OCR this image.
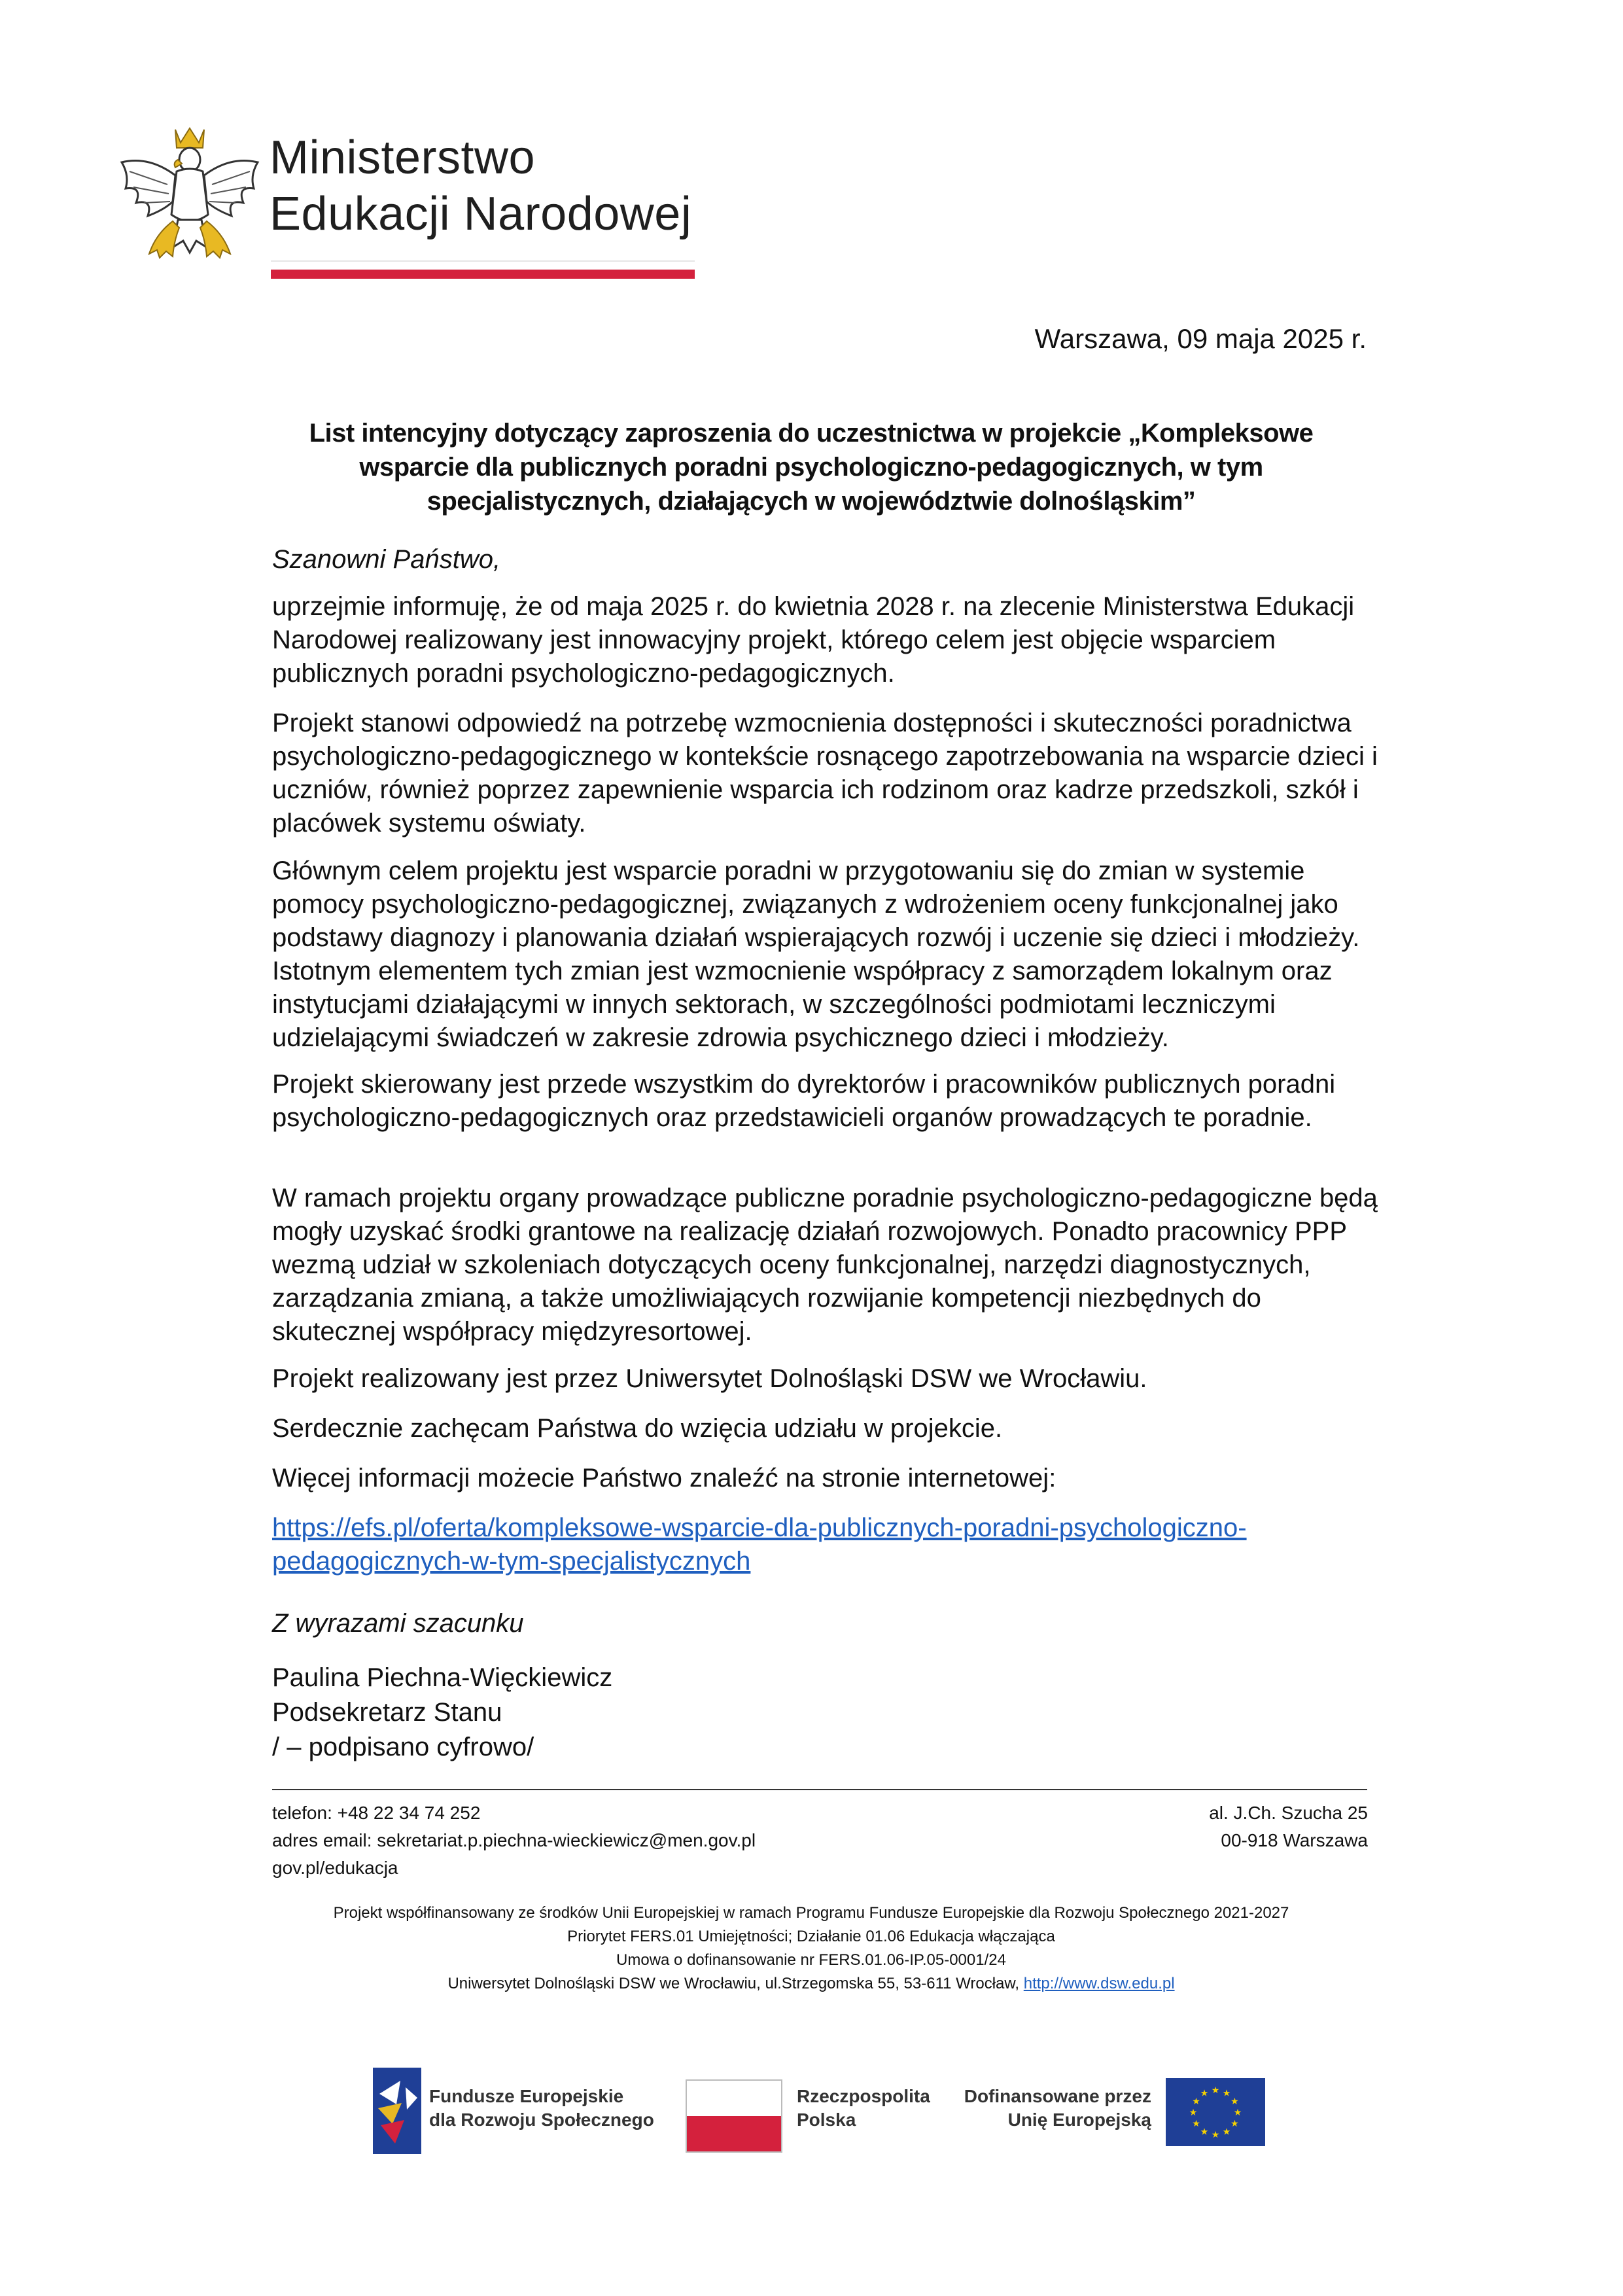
Ministerstwo
Edukacji Narodowej
Warszawa, 09 maja 2025 r.
List intencyjny dotyczący zaproszenia do uczestnictwa w projekcie „Kompleksowe wsparcie dla publicznych poradni psychologiczno-pedagogicznych, w tym specjalistycznych, działających w województwie dolnośląskim”
Szanowni Państwo,
uprzejmie informuję, że od maja 2025 r. do kwietnia 2028 r. na zlecenie Ministerstwa Edukacji Narodowej realizowany jest innowacyjny projekt, którego celem jest objęcie wsparciem publicznych poradni psychologiczno-pedagogicznych.
Projekt stanowi odpowiedź na potrzebę wzmocnienia dostępności i skuteczności poradnictwa psychologiczno-pedagogicznego w kontekście rosnącego zapotrzebowania na wsparcie dzieci i uczniów, również poprzez zapewnienie wsparcia ich rodzinom oraz kadrze przedszkoli, szkół i placówek systemu oświaty.
Głównym celem projektu jest wsparcie poradni w przygotowaniu się do zmian w systemie pomocy psychologiczno-pedagogicznej, związanych z wdrożeniem oceny funkcjonalnej jako podstawy diagnozy i planowania działań wspierających rozwój i uczenie się dzieci i młodzieży. Istotnym elementem tych zmian jest wzmocnienie współpracy z samorządem lokalnym oraz instytucjami działającymi w innych sektorach, w szczególności podmiotami leczniczymi udzielającymi świadczeń w zakresie zdrowia psychicznego dzieci i młodzieży.
Projekt skierowany jest przede wszystkim do dyrektorów i pracowników publicznych poradni psychologiczno-pedagogicznych oraz przedstawicieli organów prowadzących te poradnie.
W ramach projektu organy prowadzące publiczne poradnie psychologiczno-pedagogiczne będą mogły uzyskać środki grantowe na realizację działań rozwojowych. Ponadto pracownicy PPP wezmą udział w szkoleniach dotyczących oceny funkcjonalnej, narzędzi diagnostycznych, zarządzania zmianą, a także umożliwiających rozwijanie kompetencji niezbędnych do skutecznej współpracy międzyresortowej.
Projekt realizowany jest przez Uniwersytet Dolnośląski DSW we Wrocławiu.
Serdecznie zachęcam Państwa do wzięcia udziału w projekcie.
Więcej informacji możecie Państwo znaleźć na stronie internetowej:
https://efs.pl/oferta/kompleksowe-wsparcie-dla-publicznych-poradni-psychologiczno-
pedagogicznych-w-tym-specjalistycznych
Z wyrazami szacunku
Paulina Piechna-Więckiewicz
Podsekretarz Stanu
/ – podpisano cyfrowo/
telefon: +48 22 34 74 252
adres email: sekretariat.p.piechna-wieckiewicz@men.gov.pl
gov.pl/edukacja
al. J.Ch. Szucha 25
00-918 Warszawa
Projekt współfinansowany ze środków Unii Europejskiej w ramach Programu Fundusze Europejskie dla Rozwoju Społecznego 2021-2027
Priorytet FERS.01 Umiejętności; Działanie 01.06 Edukacja włączająca
Umowa o dofinansowanie nr FERS.01.06-IP.05-0001/24
Uniwersytet Dolnośląski DSW we Wrocławiu, ul.Strzegomska 55, 53-611 Wrocław, http://www.dsw.edu.pl
Fundusze Europejskie
dla Rozwoju Społecznego
Rzeczpospolita
Polska
Dofinansowane przez
Unię Europejską	★
★
★
★
★
★
★
★
★ ★ ★
★
